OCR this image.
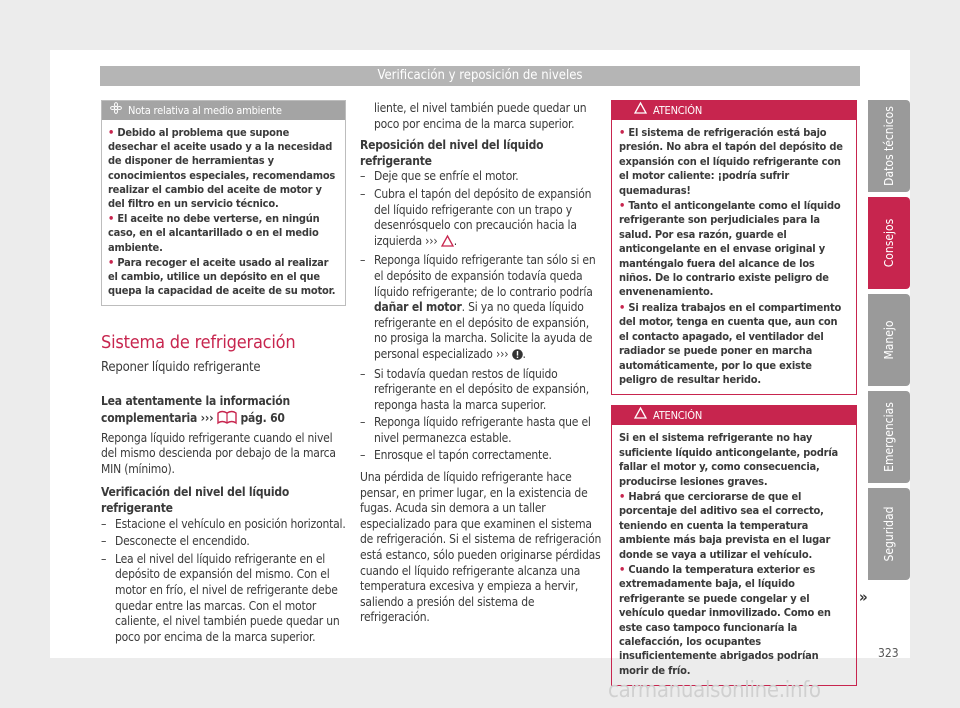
Verificación y reposición de niveles
Nota relativa al medio ambiente

• Debido al problema que supone desechar el aceite usado y a la necesidad de disponer de herramientas y conocimientos especiales, recomendamos realizar el cambio del aceite de motor y del filtro en un servicio técnico.

• El aceite no debe verterse, en ningún caso, en el alcantarillado o en el medio ambiente.

• Para recoger el aceite usado al realizar el cambio, utilice un depósito en el que quepa la capacidad de aceite de su motor.

Sistema de refrigeración
Reponer líquido refrigerante

Lea atentamente la información complementaria ››› pág. 60

Reponga líquido refrigerante cuando el nivel del mismo descienda por debajo de la marca MIN (mínimo).

Verificación del nivel del líquido refrigerante

– Estacione el vehículo en posición horizontal.
– Desconecte el encendido.
– Lea el nivel del líquido refrigerante en el depósito de expansión del mismo. Con el motor en frío, el nivel de refrigerante debe quedar entre las marcas. Con el motor caliente, el nivel también puede quedar un poco por encima de la marca superior.

liente, el nivel también puede quedar un poco por encima de la marca superior.

Reposición del nivel del líquido refrigerante

– Deje que se enfríe el motor.
– Cubra el tapón del depósito de expansión del líquido refrigerante con un trapo y desenrósquelo con precaución hacia la izquierda ››› .
– Reponga líquido refrigerante tan sólo si en el depósito de expansión todavía queda líquido refrigerante; de lo contrario podría dañar el motor. Si ya no queda líquido refrigerante en el depósito de expansión, no prosiga la marcha. Solicite la ayuda de personal especializado ››› .
– Si todavía quedan restos de líquido refrigerante en el depósito de expansión, reponga hasta la marca superior.
– Reponga líquido refrigerante hasta que el nivel permanezca estable.
– Enrosque el tapón correctamente.

Una pérdida de líquido refrigerante hace pensar, en primer lugar, en la existencia de fugas. Acuda sin demora a un taller especializado para que examinen el sistema de refrigeración. Si el sistema de refrigeración está estanco, sólo pueden originarse pérdidas cuando el líquido refrigerante alcanza una temperatura excesiva y empieza a hervir, saliendo a presión del sistema de refrigeración.

ATENCIÓN

• El sistema de refrigeración está bajo presión. No abra el tapón del depósito de expansión con el líquido refrigerante con el motor caliente: ¡podría sufrir quemaduras!

• Tanto el anticongelante como el líquido refrigerante son perjudiciales para la salud. Por esa razón, guarde el anticongelante en el envase original y manténgalo fuera del alcance de los niños. De lo contrario existe peligro de envenenamiento.

• Si realiza trabajos en el compartimento del motor, tenga en cuenta que, aun con el contacto apagado, el ventilador del radiador se puede poner en marcha automáticamente, por lo que existe peligro de resultar herido.

ATENCIÓN

Si en el sistema refrigerante no hay suficiente líquido anticongelante, podría fallar el motor y, como consecuencia, producirse lesiones graves.

• Habrá que cerciorarse de que el porcentaje del aditivo sea el correcto, teniendo en cuenta la temperatura ambiente más baja prevista en el lugar donde se vaya a utilizar el vehículo.

• Cuando la temperatura exterior es extremadamente baja, el líquido refrigerante se puede congelar y el vehículo quedar inmovilizado. Como en este caso tampoco funcionaría la calefacción, los ocupantes insuficientemente abrigados podrían morir de frío.

»
Datos técnicos
Consejos
Manejo
Emergencias
Seguridad
323
carmanualsonline.info
